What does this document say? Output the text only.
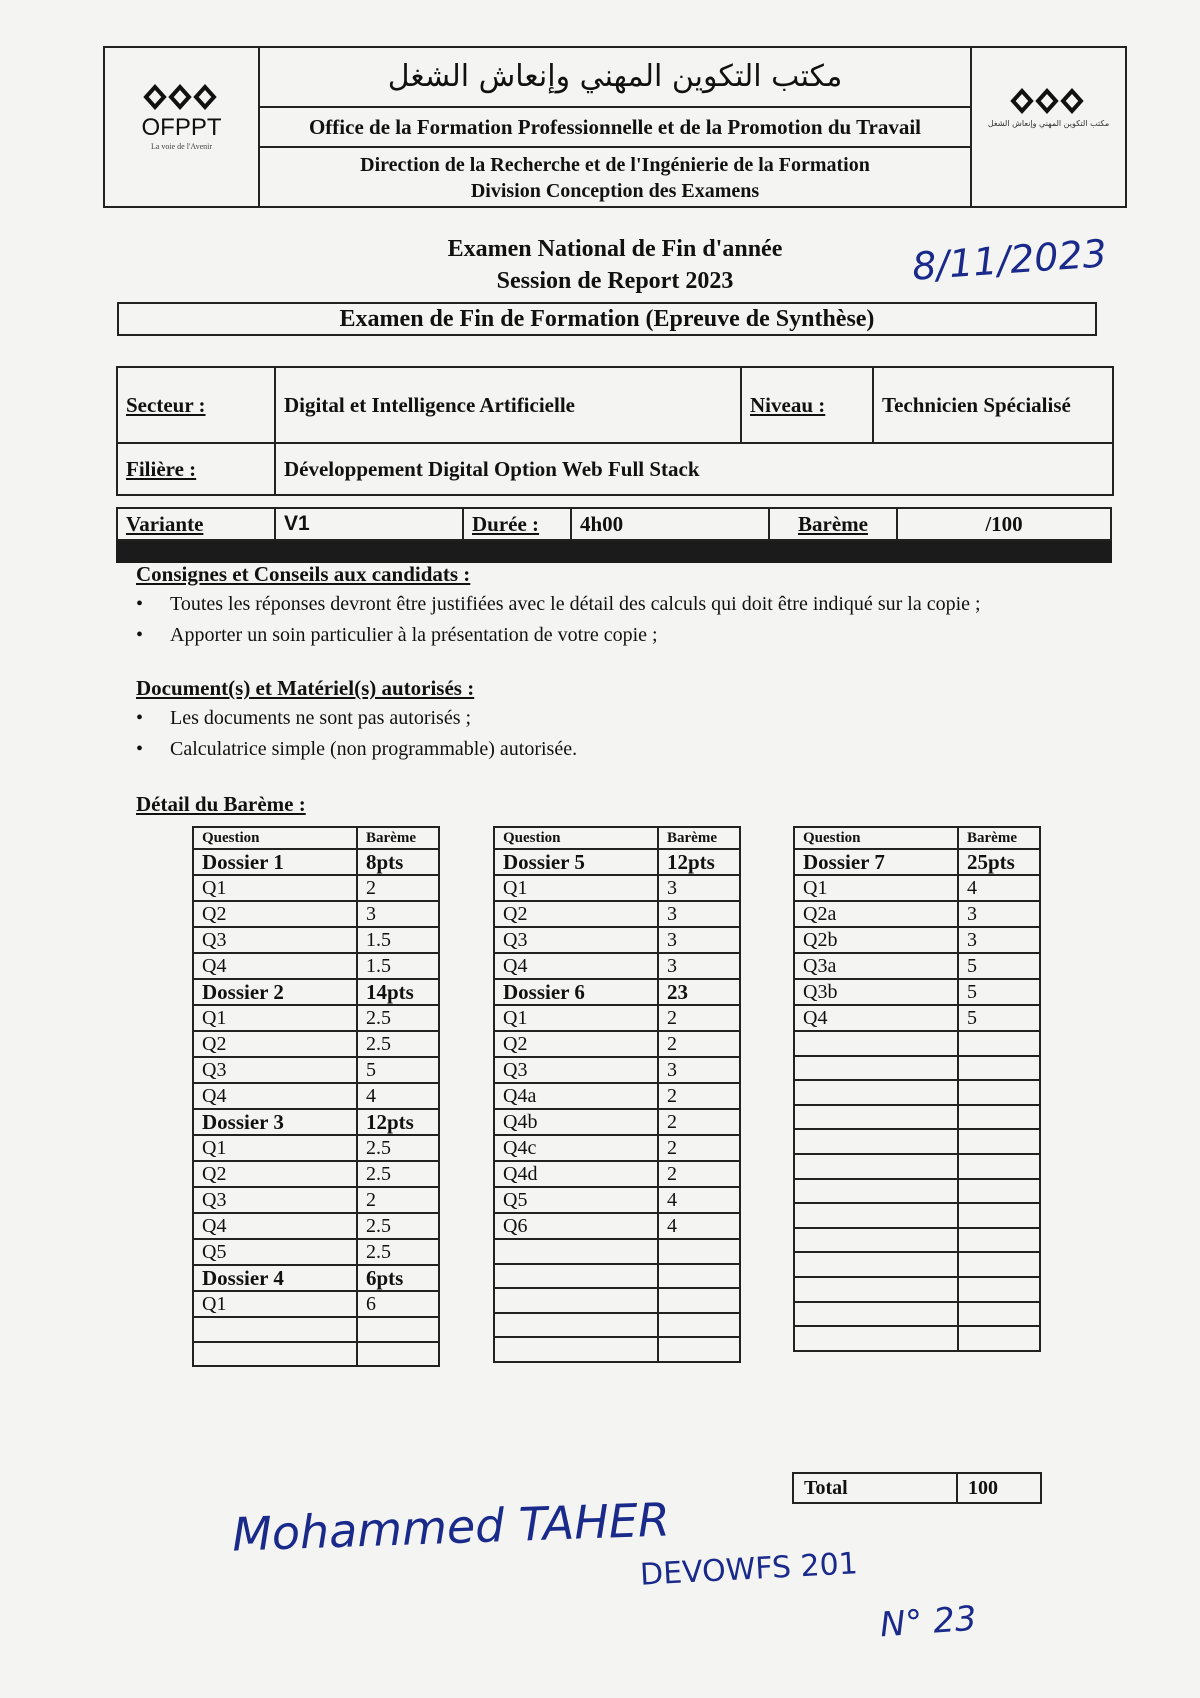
OFPPT
La voie de l'Avenir
مكتب التكوين المهني وإنعاش الشغل
Office de la Formation Professionnelle et de la Promotion du Travail
Direction de la Recherche et de l'Ingénierie de la Formation
Division Conception des Examens
مكتب التكوين المهني وإنعاش الشغل
Examen National de Fin d'année
Session de Report 2023	8/11/2023
Examen de Fin de Formation (Epreuve de Synthèse)
Secteur :	Digital et Intelligence Artificielle	Niveau :	Technicien Spécialisé
Filière :	Développement Digital Option Web Full Stack		
Variante	V1	Durée :	4h00	Barème	/100
Consignes et Conseils aux candidats :
• Toutes les réponses devront être justifiées avec le détail des calculs qui doit être indiqué sur la copie ;
• Apporter un soin particulier à la présentation de votre copie ;
Document(s) et Matériel(s) autorisés :
• Les documents ne sont pas autorisés ;
• Calculatrice simple (non programmable) autorisée.
Détail du Barème :
Question	Barème
Dossier 1	8pts
Q1	2
Q2	3
Q3	1.5
Q4	1.5
Dossier 2	14pts
Q1	2.5
Q2	2.5
Q3	5
Q4	4
Dossier 3	12pts
Q1	2.5
Q2	2.5
Q3	2
Q4	2.5
Q5	2.5
Dossier 4	6pts
Q1	6

Question	Barème
Dossier 5	12pts
Q1	3
Q2	3
Q3	3
Q4	3
Dossier 6	23
Q1	2
Q2	2
Q3	3
Q4a	2
Q4b	2
Q4c	2
Q4d	2
Q5	4
Q6	4

Question	Barème
Dossier 7	25pts
Q1	4
Q2a	3
Q2b	3
Q3a	5
Q3b	5
Q4	5

Total	100
Mohammed TAHER
DEVOWFS 201
N° 23
